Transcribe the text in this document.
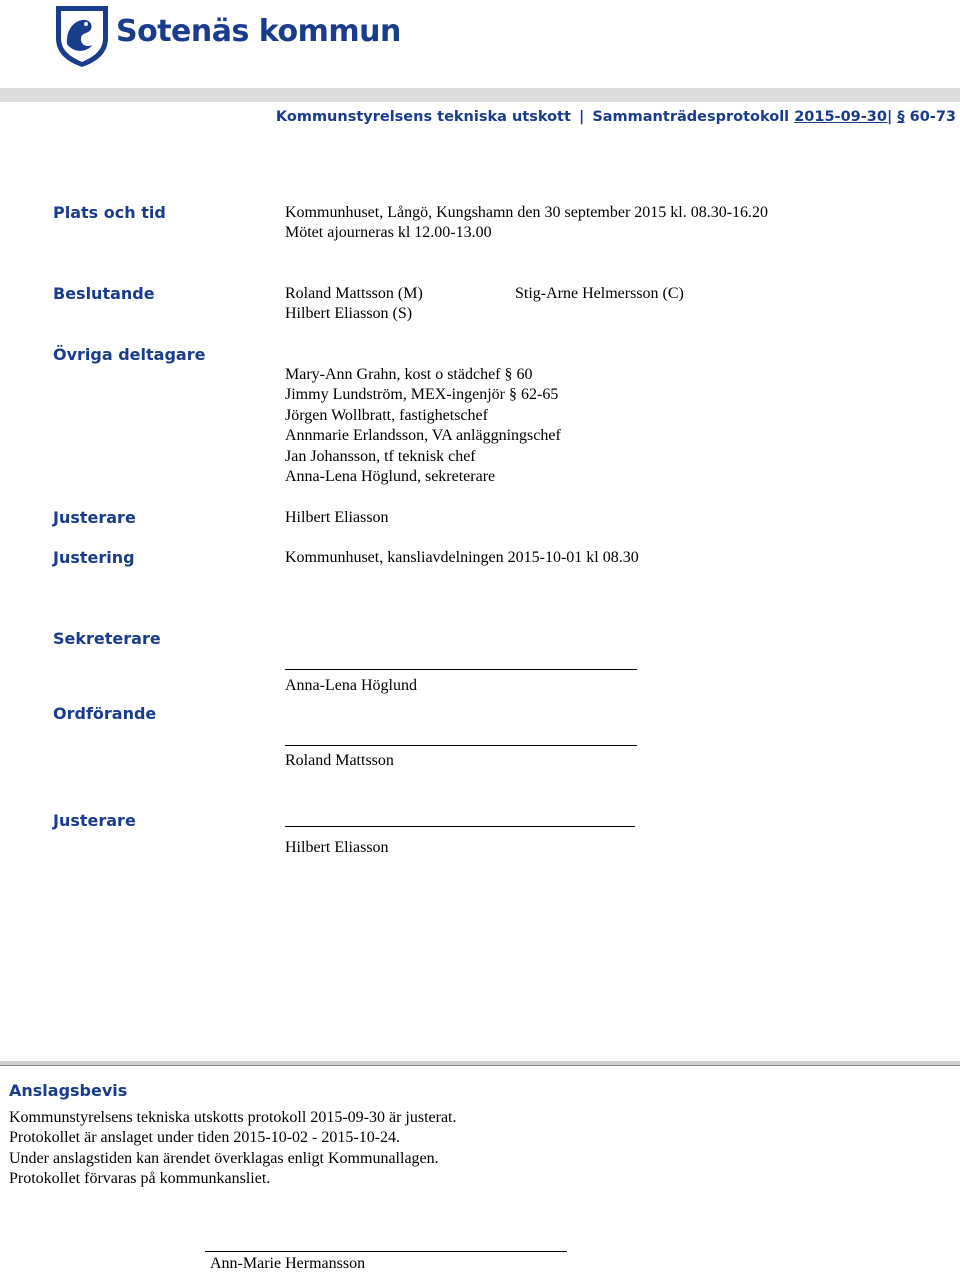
Sotenäs kommun
Kommunstyrelsens tekniska utskott | Sammanträdesprotokoll 2015-09-30| § 60-73
Plats och tid	Kommunhuset, Långö, Kungshamn den 30 september 2015 kl. 08.30-16.20
Mötet ajourneras kl 12.00-13.00
Beslutande	Roland Mattsson (M)	Stig-Arne Helmersson (C)
Hilbert Eliasson (S)
Övriga deltagare
Mary-Ann Grahn, kost o städchef § 60
Jimmy Lundström, MEX-ingenjör § 62-65
Jörgen Wollbratt, fastighetschef
Annmarie Erlandsson, VA anläggningschef
Jan Johansson, tf teknisk chef
Anna-Lena Höglund, sekreterare
Justerare	Hilbert Eliasson
Justering	Kommunhuset, kansliavdelningen 2015-10-01 kl 08.30
Sekreterare
Anna-Lena Höglund
Ordförande
Roland Mattsson
Justerare
Hilbert Eliasson
Anslagsbevis
Kommunstyrelsens tekniska utskotts protokoll 2015-09-30 är justerat.
Protokollet är anslaget under tiden 2015-10-02 - 2015-10-24.
Under anslagstiden kan ärendet överklagas enligt Kommunallagen.
Protokollet förvaras på kommunkansliet.
Ann-Marie Hermansson
